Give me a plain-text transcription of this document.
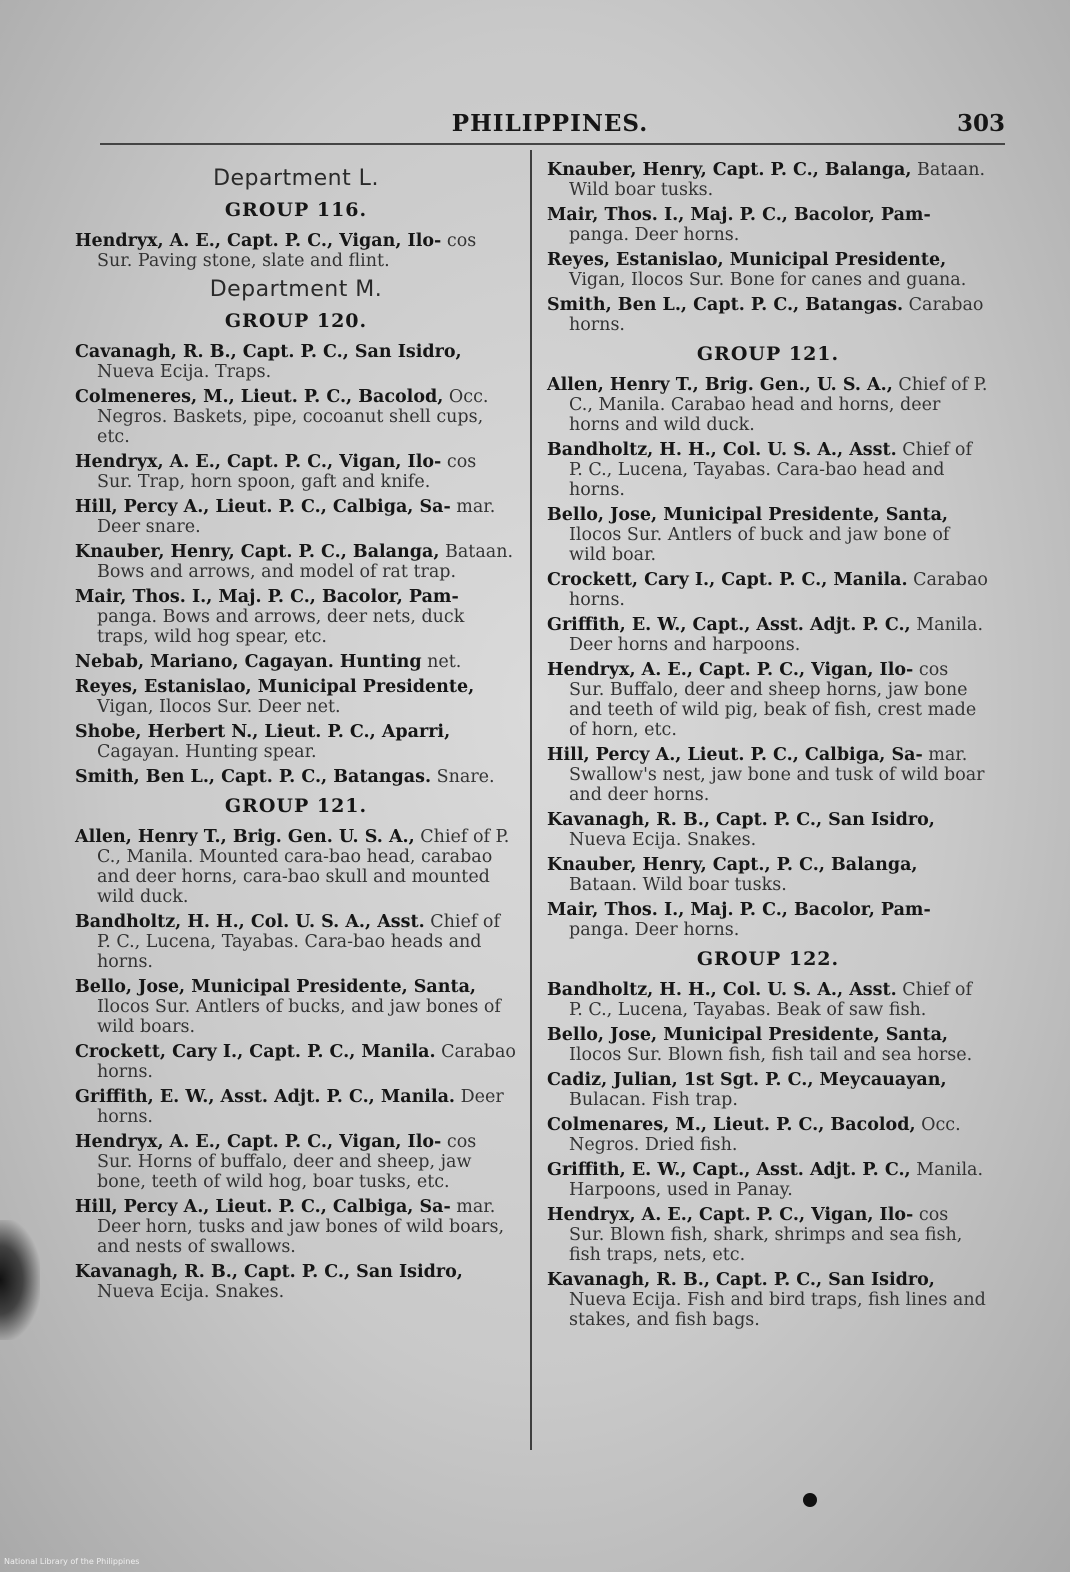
PHILIPPINES.	303
Department L.
GROUP 116.
Hendryx, A. E., Capt. P. C., Vigan, Ilo- cos Sur. Paving stone, slate and flint.
Department M.
GROUP 120.
Cavanagh, R. B., Capt. P. C., San Isidro, Nueva Ecija. Traps.
Colmeneres, M., Lieut. P. C., Bacolod, Occ. Negros. Baskets, pipe, cocoanut shell cups, etc.
Hendryx, A. E., Capt. P. C., Vigan, Ilo- cos Sur. Trap, horn spoon, gaft and knife.
Hill, Percy A., Lieut. P. C., Calbiga, Sa- mar. Deer snare.
Knauber, Henry, Capt. P. C., Balanga, Bataan. Bows and arrows, and model of rat trap.
Mair, Thos. I., Maj. P. C., Bacolor, Pam- panga. Bows and arrows, deer nets, duck traps, wild hog spear, etc.
Nebab, Mariano, Cagayan. Hunting net.
Reyes, Estanislao, Municipal Presidente, Vigan, Ilocos Sur. Deer net.
Shobe, Herbert N., Lieut. P. C., Aparri, Cagayan. Hunting spear.
Smith, Ben L., Capt. P. C., Batangas. Snare.
GROUP 121.
Allen, Henry T., Brig. Gen. U. S. A., Chief of P. C., Manila. Mounted cara-bao head, carabao and deer horns, cara-bao skull and mounted wild duck.
Bandholtz, H. H., Col. U. S. A., Asst. Chief of P. C., Lucena, Tayabas. Cara-bao heads and horns.
Bello, Jose, Municipal Presidente, Santa, Ilocos Sur. Antlers of bucks, and jaw bones of wild boars.
Crockett, Cary I., Capt. P. C., Manila. Carabao horns.
Griffith, E. W., Asst. Adjt. P. C., Manila. Deer horns.
Hendryx, A. E., Capt. P. C., Vigan, Ilo- cos Sur. Horns of buffalo, deer and sheep, jaw bone, teeth of wild hog, boar tusks, etc.
Hill, Percy A., Lieut. P. C., Calbiga, Sa- mar. Deer horn, tusks and jaw bones of wild boars, and nests of swallows.
Kavanagh, R. B., Capt. P. C., San Isidro, Nueva Ecija. Snakes.
Knauber, Henry, Capt. P. C., Balanga, Bataan. Wild boar tusks.
Mair, Thos. I., Maj. P. C., Bacolor, Pam- panga. Deer horns.
Reyes, Estanislao, Municipal Presidente, Vigan, Ilocos Sur. Bone for canes and guana.
Smith, Ben L., Capt. P. C., Batangas. Carabao horns.
GROUP 121.
Allen, Henry T., Brig. Gen., U. S. A., Chief of P. C., Manila. Carabao head and horns, deer horns and wild duck.
Bandholtz, H. H., Col. U. S. A., Asst. Chief of P. C., Lucena, Tayabas. Cara-bao head and horns.
Bello, Jose, Municipal Presidente, Santa, Ilocos Sur. Antlers of buck and jaw bone of wild boar.
Crockett, Cary I., Capt. P. C., Manila. Carabao horns.
Griffith, E. W., Capt., Asst. Adjt. P. C., Manila. Deer horns and harpoons.
Hendryx, A. E., Capt. P. C., Vigan, Ilo- cos Sur. Buffalo, deer and sheep horns, jaw bone and teeth of wild pig, beak of fish, crest made of horn, etc.
Hill, Percy A., Lieut. P. C., Calbiga, Sa- mar. Swallow's nest, jaw bone and tusk of wild boar and deer horns.
Kavanagh, R. B., Capt. P. C., San Isidro, Nueva Ecija. Snakes.
Knauber, Henry, Capt., P. C., Balanga, Bataan. Wild boar tusks.
Mair, Thos. I., Maj. P. C., Bacolor, Pam- panga. Deer horns.
GROUP 122.
Bandholtz, H. H., Col. U. S. A., Asst. Chief of P. C., Lucena, Tayabas. Beak of saw fish.
Bello, Jose, Municipal Presidente, Santa, Ilocos Sur. Blown fish, fish tail and sea horse.
Cadiz, Julian, 1st Sgt. P. C., Meycauayan, Bulacan. Fish trap.
Colmenares, M., Lieut. P. C., Bacolod, Occ. Negros. Dried fish.
Griffith, E. W., Capt., Asst. Adjt. P. C., Manila. Harpoons, used in Panay.
Hendryx, A. E., Capt. P. C., Vigan, Ilo- cos Sur. Blown fish, shark, shrimps and sea fish, fish traps, nets, etc.
Kavanagh, R. B., Capt. P. C., San Isidro, Nueva Ecija. Fish and bird traps, fish lines and stakes, and fish bags.
National Library of the Philippines
